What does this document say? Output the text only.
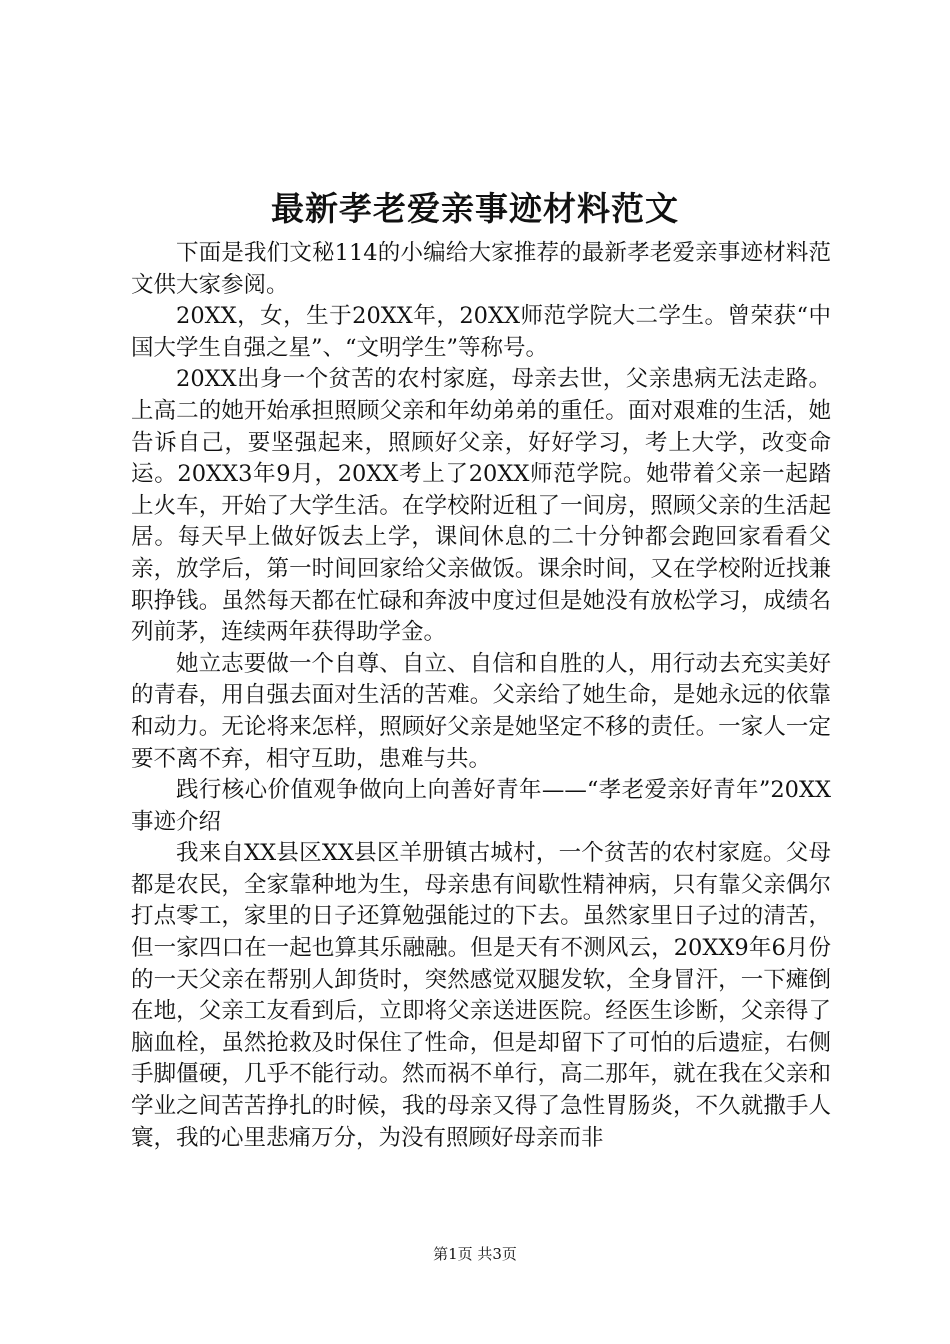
最新孝老爱亲事迹材料范文

下面是我们文秘114的小编给大家推荐的最新孝老爱亲事迹材料范文供大家参阅。

20XX，女，生于20XX年，20XX师范学院大二学生。曾荣获“中国大学生自强之星”、“文明学生”等称号。

20XX出身一个贫苦的农村家庭，母亲去世，父亲患病无法走路。上高二的她开始承担照顾父亲和年幼弟弟的重任。面对艰难的生活，她告诉自己，要坚强起来，照顾好父亲，好好学习，考上大学，改变命运。20XX3年9月，20XX考上了20XX师范学院。她带着父亲一起踏上火车，开始了大学生活。在学校附近租了一间房，照顾父亲的生活起居。每天早上做好饭去上学，课间休息的二十分钟都会跑回家看看父亲，放学后，第一时间回家给父亲做饭。课余时间，又在学校附近找兼职挣钱。虽然每天都在忙碌和奔波中度过但是她没有放松学习，成绩名列前茅，连续两年获得助学金。

她立志要做一个自尊、自立、自信和自胜的人，用行动去充实美好的青春，用自强去面对生活的苦难。父亲给了她生命，是她永远的依靠和动力。无论将来怎样，照顾好父亲是她坚定不移的责任。一家人一定要不离不弃，相守互助，患难与共。

践行核心价值观争做向上向善好青年——“孝老爱亲好青年”20XX事迹介绍

我来自XX县区XX县区羊册镇古城村，一个贫苦的农村家庭。父母都是农民，全家靠种地为生，母亲患有间歇性精神病，只有靠父亲偶尔打点零工，家里的日子还算勉强能过的下去。虽然家里日子过的清苦，但一家四口在一起也算其乐融融。但是天有不测风云，20XX9年6月份的一天父亲在帮别人卸货时，突然感觉双腿发软，全身冒汗，一下瘫倒在地，父亲工友看到后，立即将父亲送进医院。经医生诊断，父亲得了脑血栓，虽然抢救及时保住了性命，但是却留下了可怕的后遗症，右侧手脚僵硬，几乎不能行动。然而祸不单行，高二那年，就在我在父亲和学业之间苦苦挣扎的时候，我的母亲又得了急性胃肠炎，不久就撒手人寰，我的心里悲痛万分，为没有照顾好母亲而非

第1页 共3页
